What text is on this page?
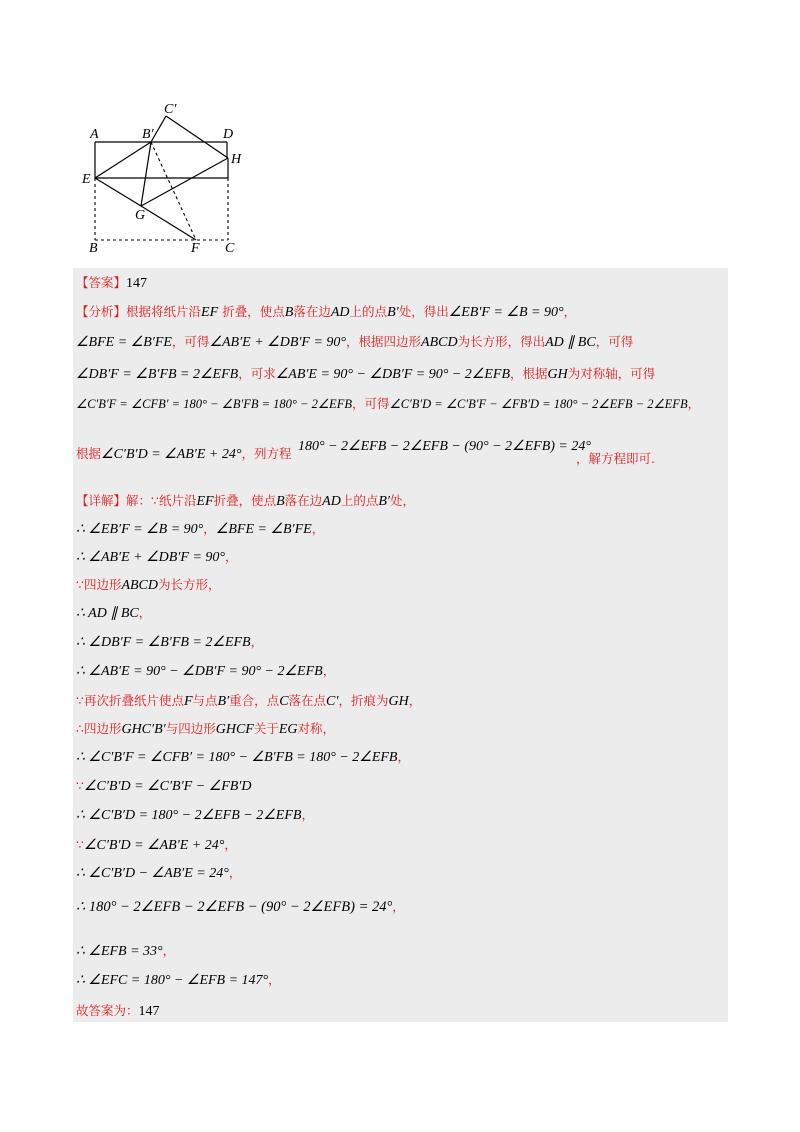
A	B′
C′
D
H
E
G
B	F C
【答案】147
【分析】根据将纸片沿EF 折叠，使点B落在边AD上的点B′处，得出∠EB′F = ∠B = 90°，
∠BFE = ∠B′FE，可得∠AB′E + ∠DB′F = 90°，根据四边形ABCD为长方形，得出AD ∥ BC，可得
∠DB′F = ∠B′FB = 2∠EFB，可求∠AB′E = 90° − ∠DB′F = 90° − 2∠EFB，根据GH为对称轴，可得
∠C′B′F = ∠CFB′ = 180° − ∠B′FB = 180° − 2∠EFB，可得∠C′B′D = ∠C′B′F − ∠FB′D = 180° − 2∠EFB − 2∠EFB，
根据∠C′B′D = ∠AB′E + 24°，列方程 180° − 2∠EFB − 2∠EFB − (90° − 2∠EFB) = 24°
，解方程即可.
【详解】解：∵纸片沿EF折叠，使点B落在边AD上的点B′处，
∴ ∠EB′F = ∠B = 90°，∠BFE = ∠B′FE，
∴ ∠AB′E + ∠DB′F = 90°，
∵四边形ABCD为长方形，
∴ AD ∥ BC，
∴ ∠DB′F = ∠B′FB = 2∠EFB，
∴ ∠AB′E = 90° − ∠DB′F = 90° − 2∠EFB，
∵再次折叠纸片使点F与点B′重合，点C落在点C′，折痕为GH，
∴四边形GHC′B′与四边形GHCF关于EG对称，
∴ ∠C′B′F = ∠CFB′ = 180° − ∠B′FB = 180° − 2∠EFB，
∵∠C′B′D = ∠C′B′F − ∠FB′D
∴ ∠C′B′D = 180° − 2∠EFB − 2∠EFB，
∵∠C′B′D = ∠AB′E + 24°，
∴ ∠C′B′D − ∠AB′E = 24°，
∴ 180° − 2∠EFB − 2∠EFB − (90° − 2∠EFB) = 24°，
∴ ∠EFB = 33°，
∴ ∠EFC = 180° − ∠EFB = 147°，
故答案为：147
